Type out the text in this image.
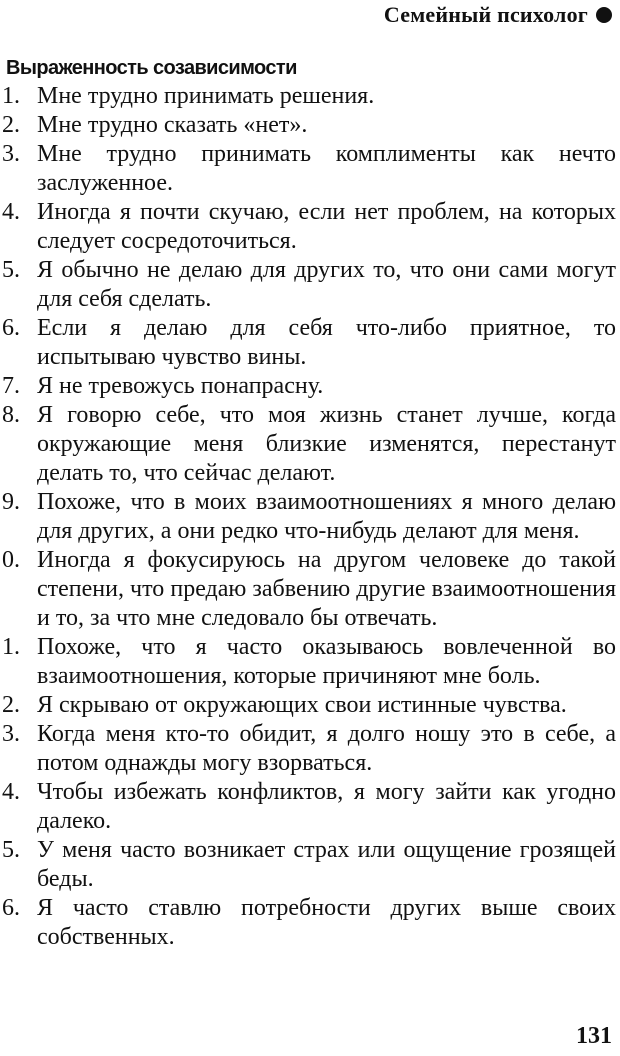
Семейный психолог
Выраженность созависимости
1. Мне трудно принимать решения.
2. Мне трудно сказать «нет».
3. Мне трудно принимать комплименты как нечто заслуженное.
4. Иногда я почти скучаю, если нет проблем, на которых следует сосредоточиться.
5. Я обычно не делаю для других то, что они сами могут для себя сделать.
6. Если я делаю для себя что-либо приятное, то испытываю чувство вины.
7. Я не тревожусь понапрасну.
8. Я говорю себе, что моя жизнь станет лучше, когда окружающие меня близкие изменятся, перестанут делать то, что сейчас делают.
9. Похоже, что в моих взаимоотношениях я много делаю для других, а они редко что-нибудь делают для меня.
0. Иногда я фокусируюсь на другом человеке до такой степени, что предаю забвению другие взаимоотношения и то, за что мне следовало бы отвечать.
1. Похоже, что я часто оказываюсь вовлеченной во взаимоотношения, которые причиняют мне боль.
2. Я скрываю от окружающих свои истинные чувства.
3. Когда меня кто-то обидит, я долго ношу это в себе, а потом однажды могу взорваться.
4. Чтобы избежать конфликтов, я могу зайти как угодно далеко.
5. У меня часто возникает страх или ощущение грозящей беды.
6. Я часто ставлю потребности других выше своих собственных.
131
